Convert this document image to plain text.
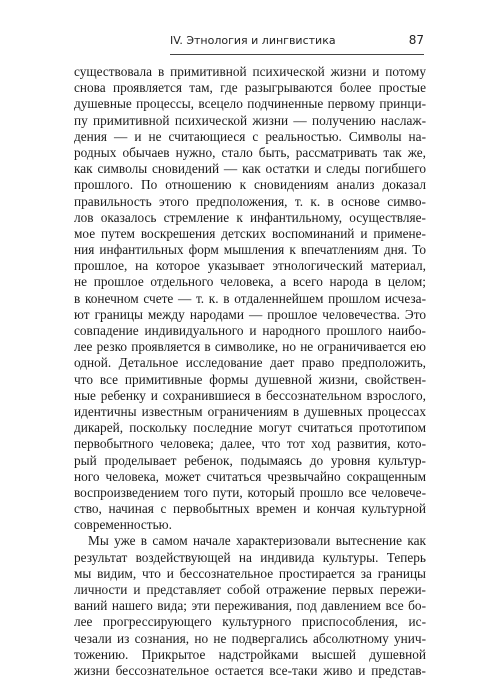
IV. Этнология и лингвистика	87
существовала в примитивной психической жизни и потому
снова проявляется там, где разыгрываются более простые
душевные процессы, всецело подчиненные первому принци-
пу примитивной психической жизни — получению наслаж-
дения — и не считающиеся с реальностью. Символы на-
родных обычаев нужно, стало быть, рассматривать так же,
как символы сновидений — как остатки и следы погибшего
прошлого. По отношению к сновидениям анализ доказал
правильность этого предположения, т. к. в основе симво-
лов оказалось стремление к инфантильному, осуществляе-
мое путем воскрешения детских воспоминаний и примене-
ния инфантильных форм мышления к впечатлениям дня. То
прошлое, на которое указывает этнологический материал,
не прошлое отдельного человека, а всего народа в целом;
в конечном счете — т. к. в отдаленнейшем прошлом исчеза-
ют границы между народами — прошлое человечества. Это
совпадение индивидуального и народного прошлого наибо-
лее резко проявляется в символике, но не ограничивается ею
одной. Детальное исследование дает право предположить,
что все примитивные формы душевной жизни, свойствен-
ные ребенку и сохранившиеся в бессознательном взрослого,
идентичны известным ограничениям в душевных процессах
дикарей, поскольку последние могут считаться прототипом
первобытного человека; далее, что тот ход развития, кото-
рый проделывает ребенок, подымаясь до уровня культур-
ного человека, может считаться чрезвычайно сокращенным
воспроизведением того пути, который прошло все человече-
ство, начиная с первобытных времен и кончая культурной
современностью.
Мы уже в самом начале характеризовали вытеснение как
результат воздействующей на индивида культуры. Теперь
мы видим, что и бессознательное простирается за границы
личности и представляет собой отражение первых пережи-
ваний нашего вида; эти переживания, под давлением все бо-
лее прогрессирующего культурного приспособления, ис-
чезали из сознания, но не подвергались абсолютному унич-
тожению. Прикрытое надстройками высшей душевной
жизни бессознательное остается все-таки живо и представ-
